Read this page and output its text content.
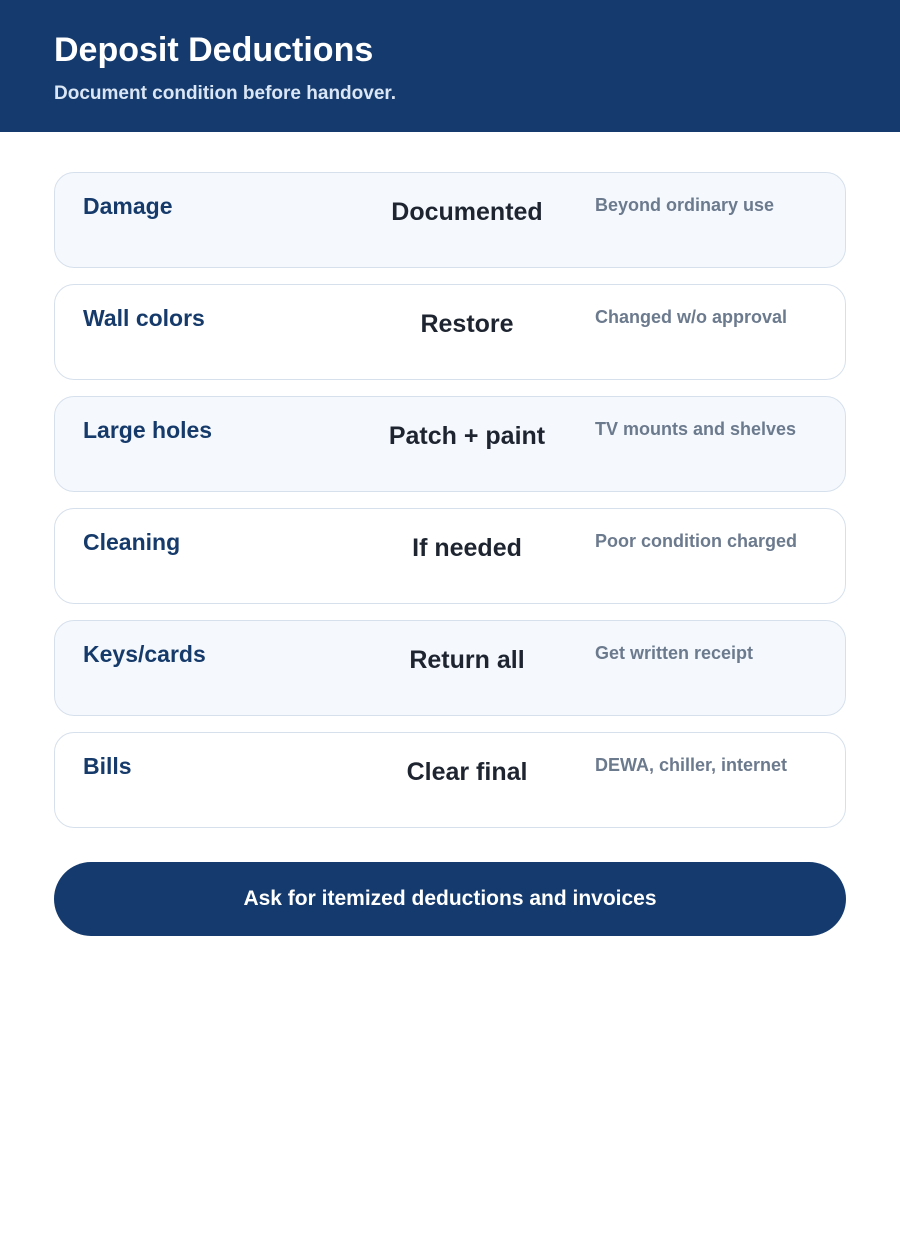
Deposit Deductions

Document condition before handover.

Damage	Documented	Beyond ordinary use
Wall colors	Restore	Changed w/o approval
Large holes	Patch + paint	TV mounts and shelves
Cleaning	If needed	Poor condition charged
Keys/cards	Return all	Get written receipt
Bills	Clear final	DEWA, chiller, internet
Ask for itemized deductions and invoices
